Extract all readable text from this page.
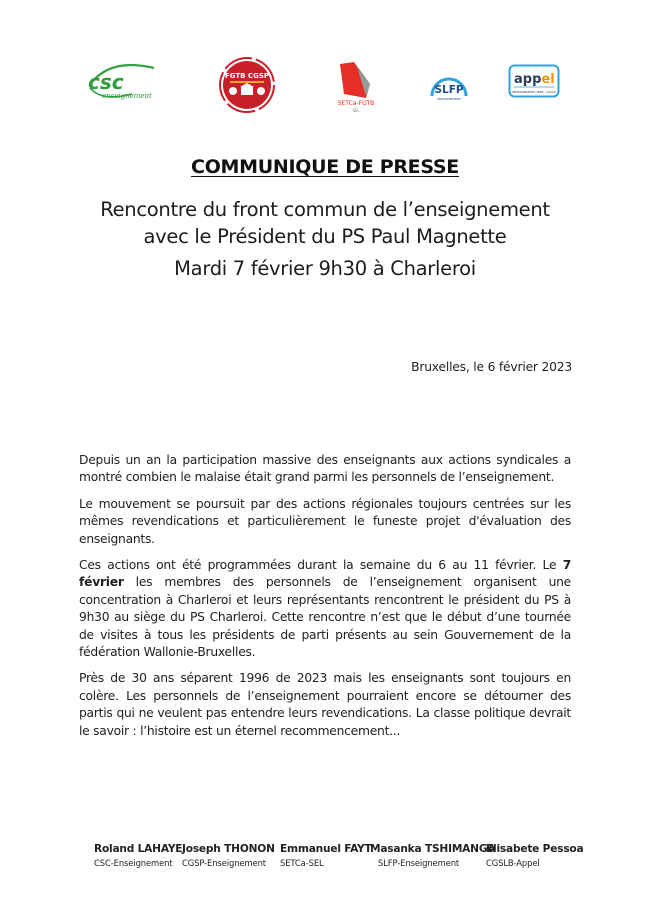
csc
enseignement
FGTB CGSP
SETCa-FGTB
SEL
SLFP
ENSEIGNEMENT
appel
ENSEIGNEMENT LIBRE · CGSLB
COMMUNIQUE DE PRESSE
Rencontre du front commun de l’enseignement
avec le Président du PS Paul Magnette
Mardi 7 février 9h30 à Charleroi
Bruxelles, le 6 février 2023

Depuis un an la participation massive des enseignants aux actions syndicales a montré combien le malaise était grand parmi les personnels de l’enseignement.

Le mouvement se poursuit par des actions régionales toujours centrées sur les mêmes revendications et particulièrement le funeste projet d'évaluation des enseignants.

Ces actions ont été programmées durant la semaine du 6 au 11 février. Le 7 février les membres des personnels de l’enseignement organisent une concentration à Charleroi et leurs représentants rencontrent le président du PS à 9h30 au siège du PS Charleroi. Cette rencontre n’est que le début d’une tournée de visites à tous les présidents de parti présents au sein Gouvernement de la fédération Wallonie-Bruxelles.

Près de 30 ans séparent 1996 de 2023 mais les enseignants sont toujours en colère. Les personnels de l’enseignement pourraient encore se détourner des partis qui ne veulent pas entendre leurs revendications. La classe politique devrait le savoir : l’histoire est un éternel recommencement...

Roland LAHAYE
CSC-Enseignement
Joseph THONON
CGSP-Enseignement
Emmanuel FAYT
SETCa-SEL
Masanka TSHIMANGA
SLFP-Enseignement
Elisabete Pessoa
CGSLB-Appel
